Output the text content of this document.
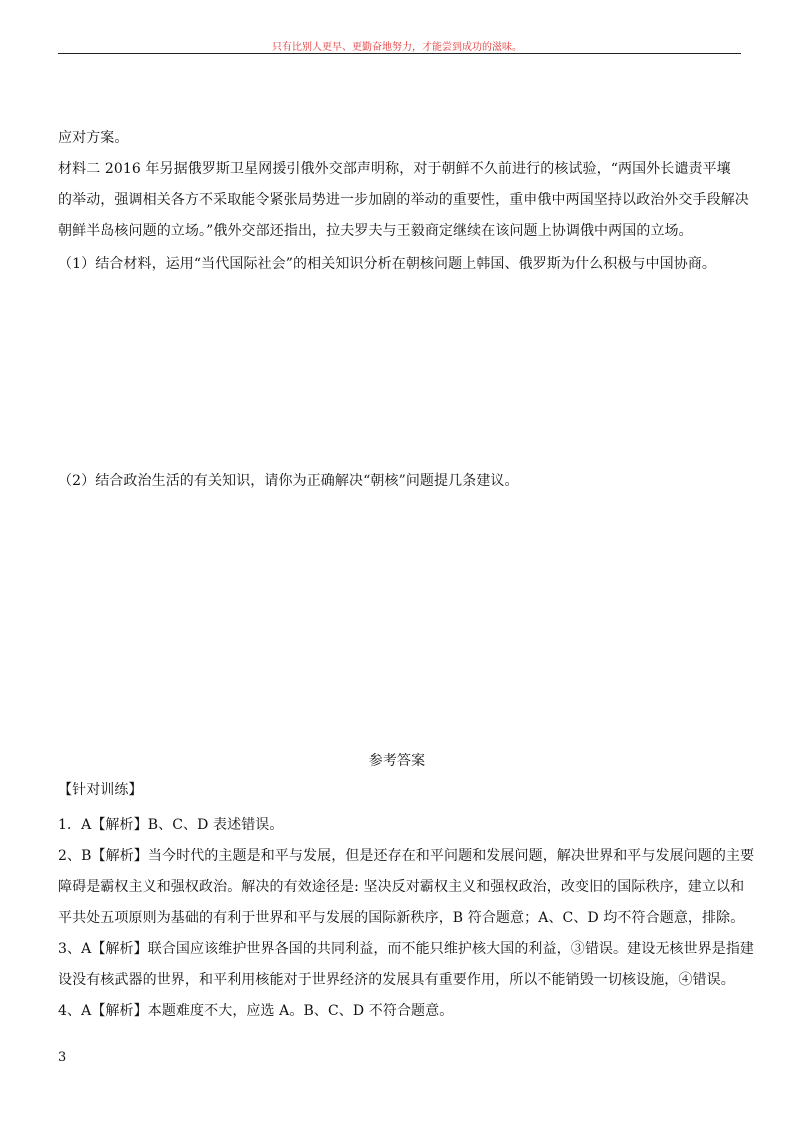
只有比别人更早、更勤奋地努力，才能尝到成功的滋味。
应对方案。
材料二 2016 年另据俄罗斯卫星网援引俄外交部声明称，对于朝鲜不久前进行的核试验，“两国外长谴责平壤
的举动，强调相关各方不采取能令紧张局势进一步加剧的举动的重要性，重申俄中两国坚持以政治外交手段解决
朝鲜半岛核问题的立场。”俄外交部还指出，拉夫罗夫与王毅商定继续在该问题上协调俄中两国的立场。
（1）结合材料，运用“当代国际社会”的相关知识分析在朝核问题上韩国、俄罗斯为什么积极与中国协商。
（2）结合政治生活的有关知识，请你为正确解决“朝核”问题提几条建议。
参考答案
【针对训练】
1．A【解析】B、C、D 表述错误。
2、B【解析】当今时代的主题是和平与发展，但是还存在和平问题和发展问题，解决世界和平与发展问题的主要
障碍是霸权主义和强权政治。解决的有效途径是: 坚决反对霸权主义和强权政治，改变旧的国际秩序，建立以和
平共处五项原则为基础的有利于世界和平与发展的国际新秩序，B 符合题意；A、C、D 均不符合题意，排除。
3、A【解析】联合国应该维护世界各国的共同利益，而不能只维护核大国的利益，③错误。建设无核世界是指建
设没有核武器的世界，和平利用核能对于世界经济的发展具有重要作用，所以不能销毁一切核设施，④错误。
4、A【解析】本题难度不大，应选 A。B、C、D 不符合题意。
3
